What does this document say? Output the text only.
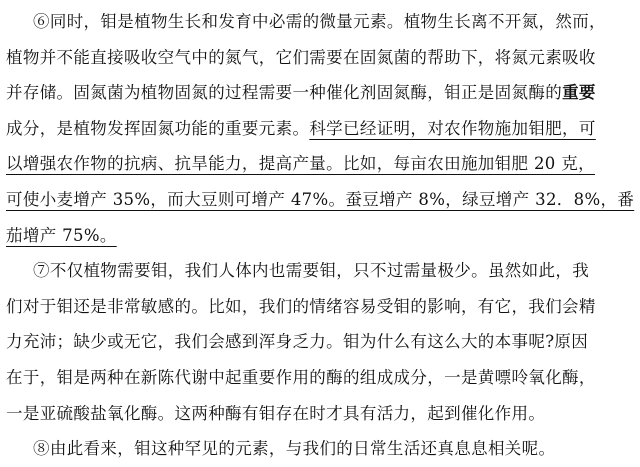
⑥同时，钼是植物生长和发育中必需的微量元素。植物生长离不开氮，然而，
植物并不能直接吸收空气中的氮气，它们需要在固氮菌的帮助下，将氮元素吸收
并存储。固氮菌为植物固氮的过程需要一种催化剂固氮酶，钼正是固氮酶的重要
成分，是植物发挥固氮功能的重要元素。科学已经证明，对农作物施加钼肥，可
以增强农作物的抗病、抗旱能力，提高产量。比如，每亩农田施加钼肥 20 克，
可使小麦增产 35%，而大豆则可增产 47%。蚕豆增产 8%，绿豆增产 32．8%，番
茄增产 75%。
⑦不仅植物需要钼，我们人体内也需要钼，只不过需量极少。虽然如此，我
们对于钼还是非常敏感的。比如，我们的情绪容易受钼的影响，有它，我们会精
力充沛；缺少或无它，我们会感到浑身乏力。钼为什么有这么大的本事呢?原因
在于，钼是两种在新陈代谢中起重要作用的酶的组成成分，一是黄嘌呤氧化酶，
一是亚硫酸盐氧化酶。这两种酶有钼存在时才具有活力，起到催化作用。
⑧由此看来，钼这种罕见的元素，与我们的日常生活还真息息相关呢。
